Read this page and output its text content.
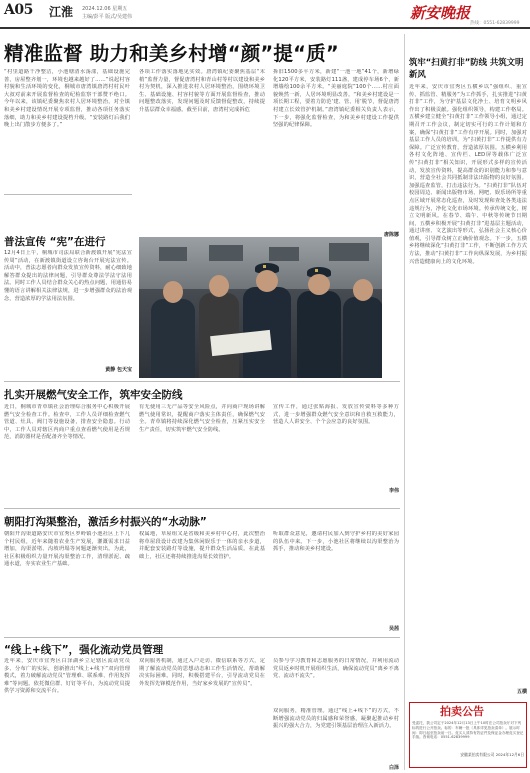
A05 江淮 2024.12.06 星期五
主编/彭平 版式/吴建伟	新安晚报
热线：0551-62839999
精准监督 助力和美乡村增“颜”提“质”
“村里道路干净整洁，小池塘清水荡漾，基础设施完善，房屋整齐划一，环境也越来越好了……”说起村容村貌和生活环境的变化，桐城市唐湾镇唐湾村村民叶大叔对前来开展监督检查的纪检监察干部赞不绝口。今年以来，该镇纪委聚焦农村人居环境整治，对全镇和美乡村建设情况开展专项监督，推动各项任务落实落细，助力和美乡村建设提档升级。“安装路灯后我们晚上出门散步方便多了。”
各项工作落实落地见实效。唐湾镇纪委聚焦基层“末梢”监督力量，督促唐湾村和青山村等村以建设和美乡村为契机，深入推进农村人居环境整治，围绕环境卫生、基础设施、村容村貌等方面开展监督检查，推动问题整改落实，发现问题及时反馈督促整改，持续提升基层群众幸福感。截至目前，唐湾村完成拆危
拆旧1500多平方米，新建“一池一地”41个，新增绿化120平方米，安装路灯111盏，建成停车场6个，新增墙绘100余平方米。“美丽庭院”100个……村庄面貌焕然一新，人居环境明显改善。“和美乡村建设是一项长期工程，要着力防范‘建、管、用’脱节，督促唐湾村建立长效管护机制。”唐湾镇纪委相关负责人表示，下一步，将强化监督检查，为和美乡村建设工作提供坚强的纪律保障。
唐陈娜
普法宣传 “宪”在进行
12月4日上午，桐城市司法局联合新渡镇开展“宪法宣传周”活动，在新渡镇街道设立咨询台开展宪法宣传。活动中，普法志愿者向群众发放宣传资料，耐心细致地解答群众提出的法律问题，引导群众尊法学法守法用法。同时工作人员结合群众关心的热点问题，用通俗易懂的语言讲解相关法律法规，进一步增强群众的法治观念，营造浓厚的学法用法氛围。
黄静 包天宝
扎实开展燃气安全工作，筑牢安全防线
近日，桐城市青草镇社会治理综合服务中心积极开展燃气安全检查工作。检查中，工作人员详细检查燃气管道、灶具、阀门等设施设备，排查安全隐患。行动中，工作人员对辖区内商户重点查看燃气使用是否规范，消防器材是否配备齐全等情况。
有无使用三无产品等安全风险点，并向商户现场讲解燃气使用常识，提醒商户落实主体责任，确保燃气安全。青草镇将持续深化燃气安全检查，压紧压实安全生产责任，切实筑牢燃气安全防线。
宣传工作，通过张贴海报、发放宣传资料等多种方式，进一步增强群众燃气安全意识和自救互救能力，营造人人讲安全、个个会应急的良好氛围。
李伟
朝阳打沟渠整治，激活乡村振兴的“水动脉”
朝阳开沟渠道路安庆市宜秀区罗岭镇小池社区上下几个村民组，近年来随着农业生产发展，灌溉需求日益增加，沟渠淤堵、沟坡坍塌等问题逐渐突出。为此，社区积极组织力量开展沟渠整治工作，清理淤泥、疏通水道，夯实农业生产基础。
权属地，草屋组又是省级和美乡村中心村，此次整治将草屋段设计改建为集休闲娱乐于一体的亲水步道，并配套安装路灯等设施，提升群众生活品质。在此基础上，社区还将持续推进沟渠长效管护。
听取群众意见，邀请村民加入到守护乡村的美好家园的队伍中来。下一步，小池社区将继续以沟渠整治为抓手，推动和美乡村建设。
吴茜
“线上+线下”，强化流动党员管理
近年来，安庆市宜秀区白泽湖乡立足辖区流动党员多、分布广的实际，创新推出“线上+线下”双向管理模式，着力破解流动党员“管理难、联系难、作用发挥难”等问题。依托微信群、钉钉等平台，为流动党员提供学习资源和交流平台。
双向服务机制，通过入户走访、微信联系等方式，定期了解流动党员的思想动态和工作生活情况，帮助解决实际困难。同时，积极搭建平台，引导流动党员在外发挥先锋模范作用，当好家乡发展的“宣传员”。
员参与学习教育和志愿服务的日常情况，并利用流动党员返乡时机开展组织生活，确保流动党员“离乡不离党、流动不流失”。
双向服务，精准管理。通过“线上+线下”的方式，不断增强流动党员的归属感和荣誉感，凝聚起推动乡村振兴的强大合力，为党建引领基层治理注入新活力。
白泽
筑牢“扫黄打非”防线 共筑文明新风
近年来，安庆市宜秀区五横乡以“强组织、重宣传、抓监管、精服务”为工作抓手，扎实推进“扫黄打非”工作，为守护基层文化净土、培育文明乡风作出了积极贡献。强化组织领导，构建工作格局。五横乡建立健全“扫黄打非”工作领导小组，通过定期召开工作会议，制定切实可行的工作计划和方案，确保“扫黄打非”工作有序开展。同时，加强对基层工作人员的培训，为“扫黄打非”工作提供有力保障。广泛宣传教育，营造浓厚氛围。五横乡利用各村文化阵地、宣传栏、LED屏等载体广泛宣传“扫黄打非”相关知识，开展形式多样的宣传活动，发放宣传资料，提高群众的识别能力和参与意识，营造全社会共同抵制非法出版物的良好氛围。加强巡查监管，打击违法行为。“扫黄打非”队伍对校园周边、新闻出版物市场、网吧、娱乐场所等重点区域开展常态化巡查，及时发现和查处各类违法违规行为，净化文化市场环境。传承传统文化，树立文明新风。在春节、端午、中秋等传统节日期间，五横乡积极开展“扫黄打非”进基层主题活动，通过讲座、文艺演出等形式，弘扬社会主义核心价值观，引导群众树立正确价值观念。下一步，五横乡将继续深化“扫黄打非”工作，不断创新工作方式方法，推动“扫黄打非”工作向纵深发展，为乡村振兴营造健康向上的文化环境。
五横
拍卖公告
受委托，我公司定于2024年12月13日上午10时在公司拍卖厅对下列标的进行公开拍卖。标的：车辆一批（具体详见拍卖清单）。展示时间：即日起至拍卖前一日。竞买人须持有效证件及保证金办理竞买登记手续。咨询电话：0551-62839999
安徽某拍卖有限公司 2024年12月6日
